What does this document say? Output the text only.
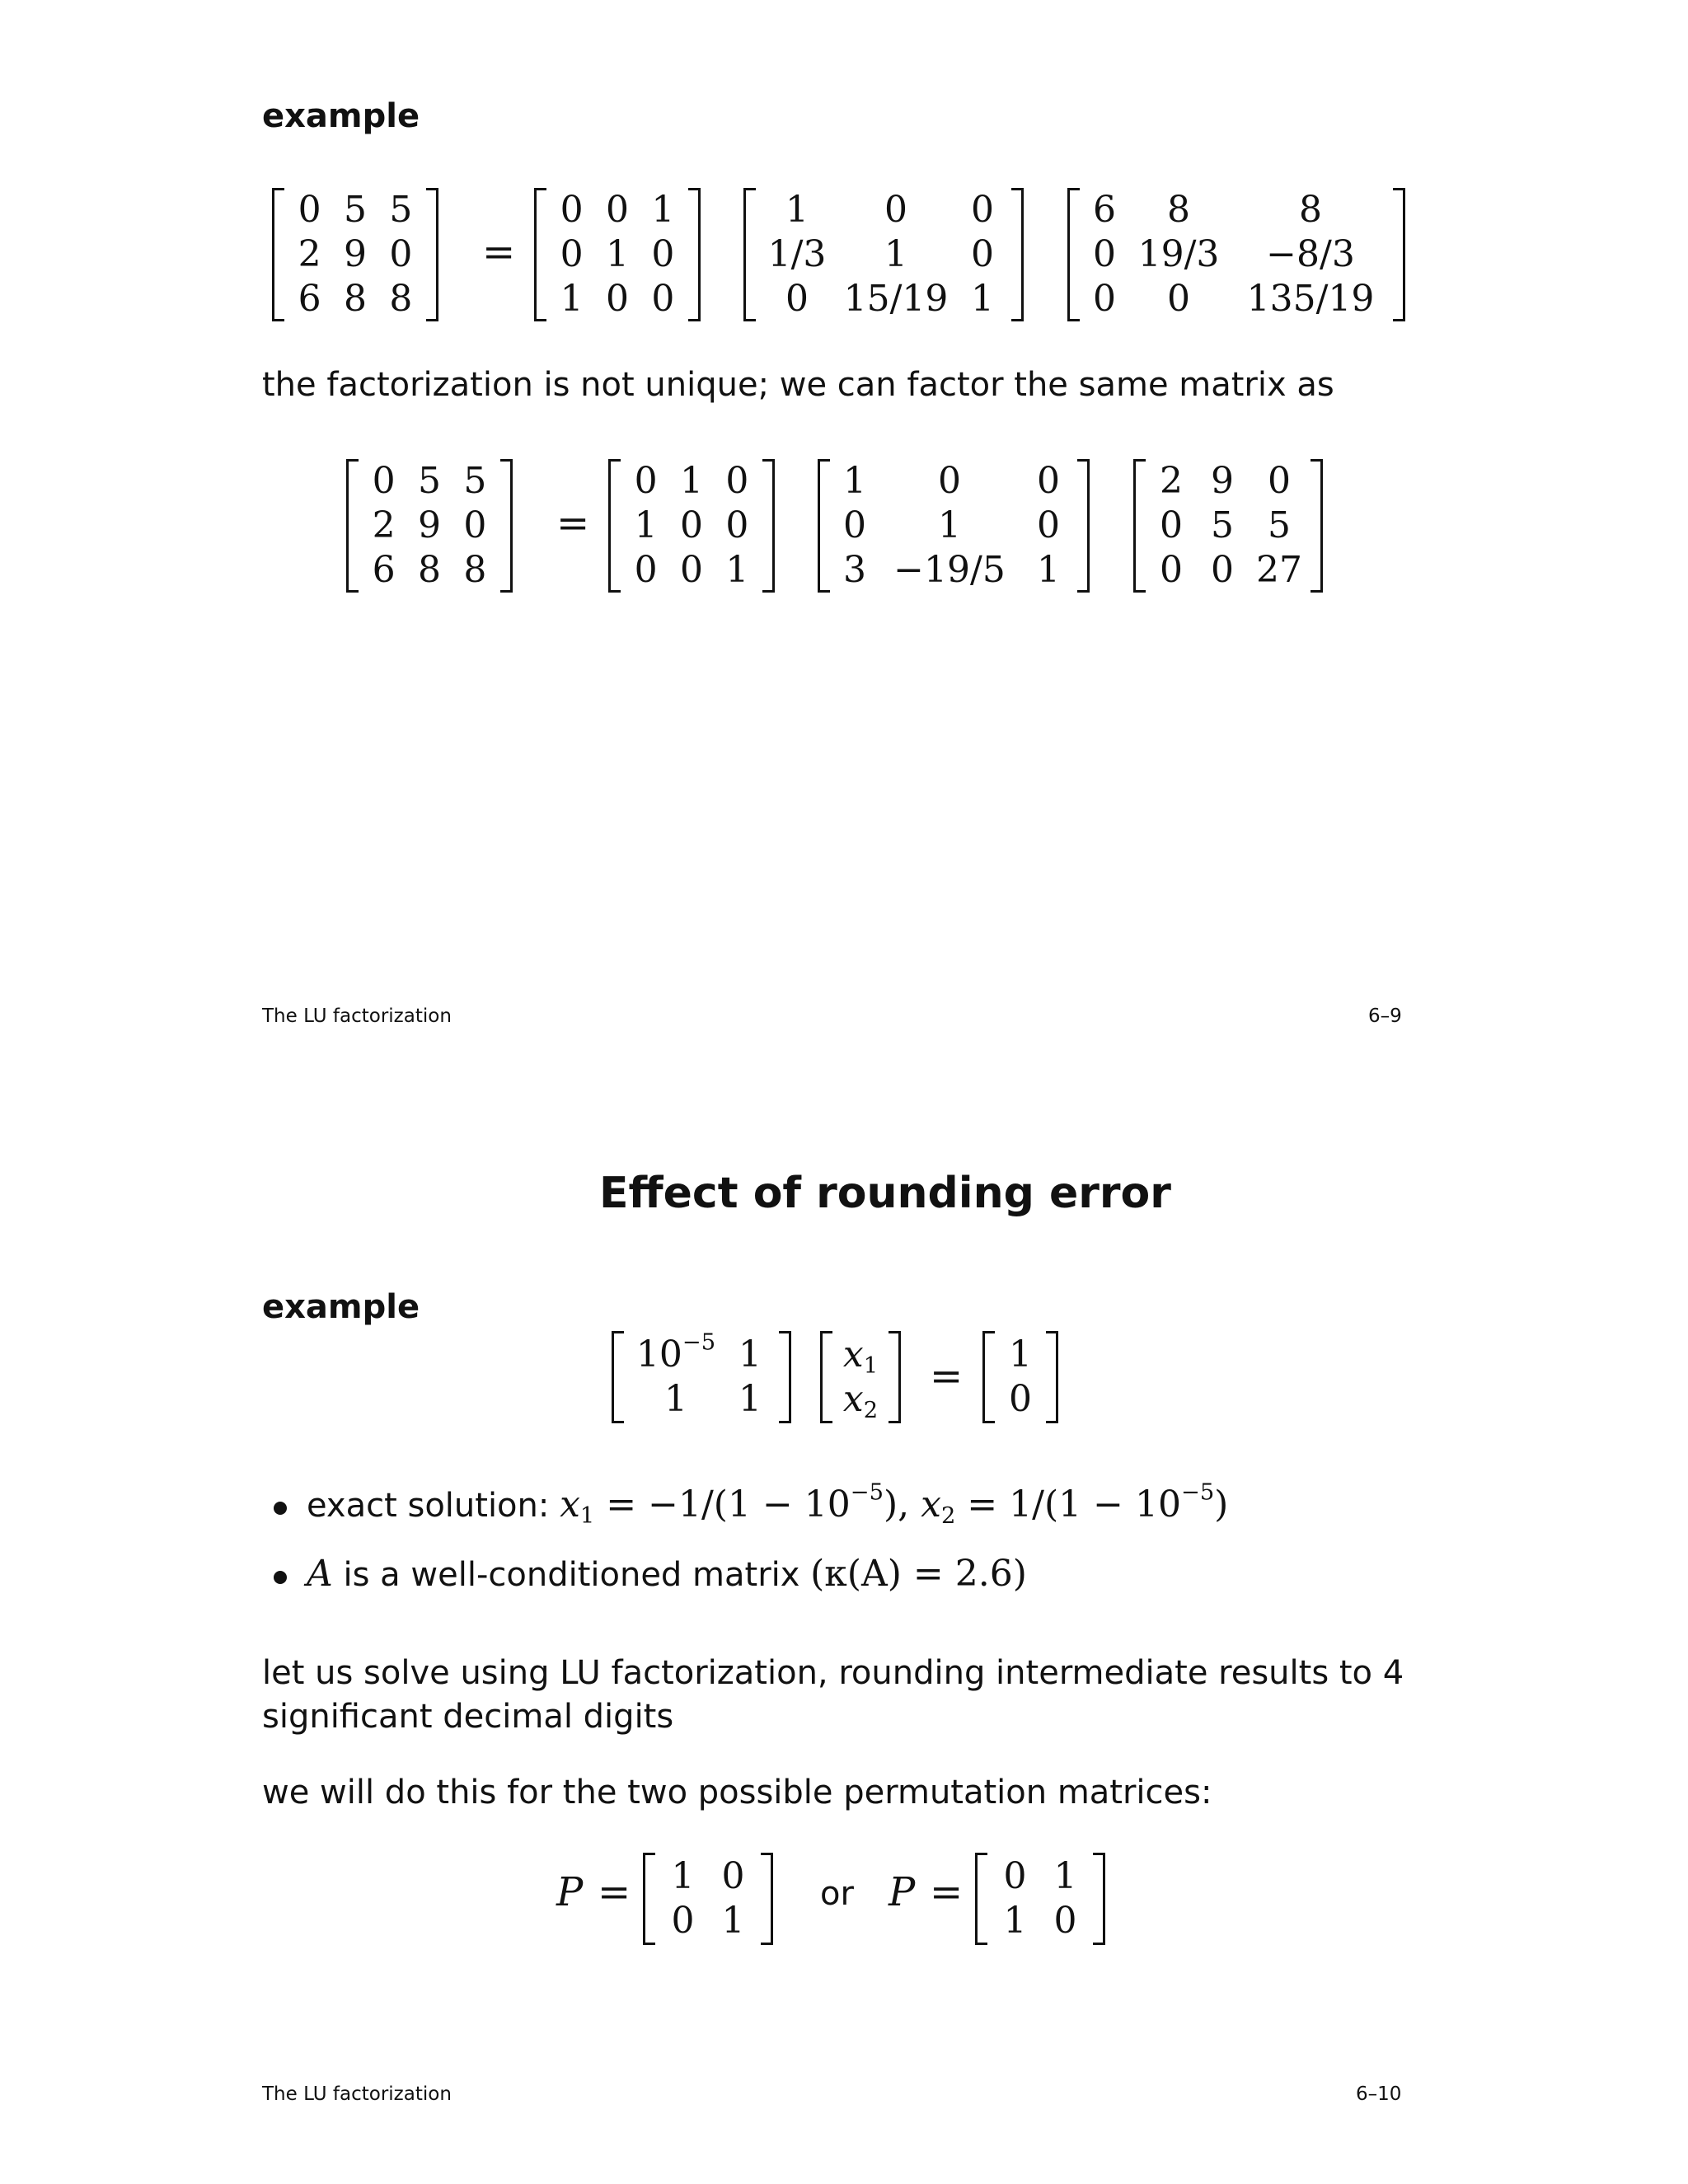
example
0 5 5
2 9 0
6 8 8
=
0 0 1
0 1 0
1 0 0
1	0	0
1/3	1	0
0 15/19 1
6	8	8
0 19/3	−8/3
0	0	135/19
the factorization is not unique; we can factor the same matrix as
0 5 5
2 9 0
6 8 8
=
0 1 0
1 0 0
0 0 1
1	0	0
0	1	0
3 −19/5 1
2 9 0
0 5 5
0 0 27
The LU factorization	6–9
Effect of rounding error
example
$10^{-5}$ 1
1	1
$x_1$
$x_2$
=	1
0
exact solution: $x_1 = -1/(1 - 10^{-5})$, $x_2 = 1/(1 - 10^{-5})$
A is a well-conditioned matrix (κ(A) = 2.6)
let us solve using LU factorization, rounding intermediate results to 4
significant decimal digits
we will do this for the two possible permutation matrices:
P =	1 0
0 1
or P =	0 1
1 0
The LU factorization	6–10
